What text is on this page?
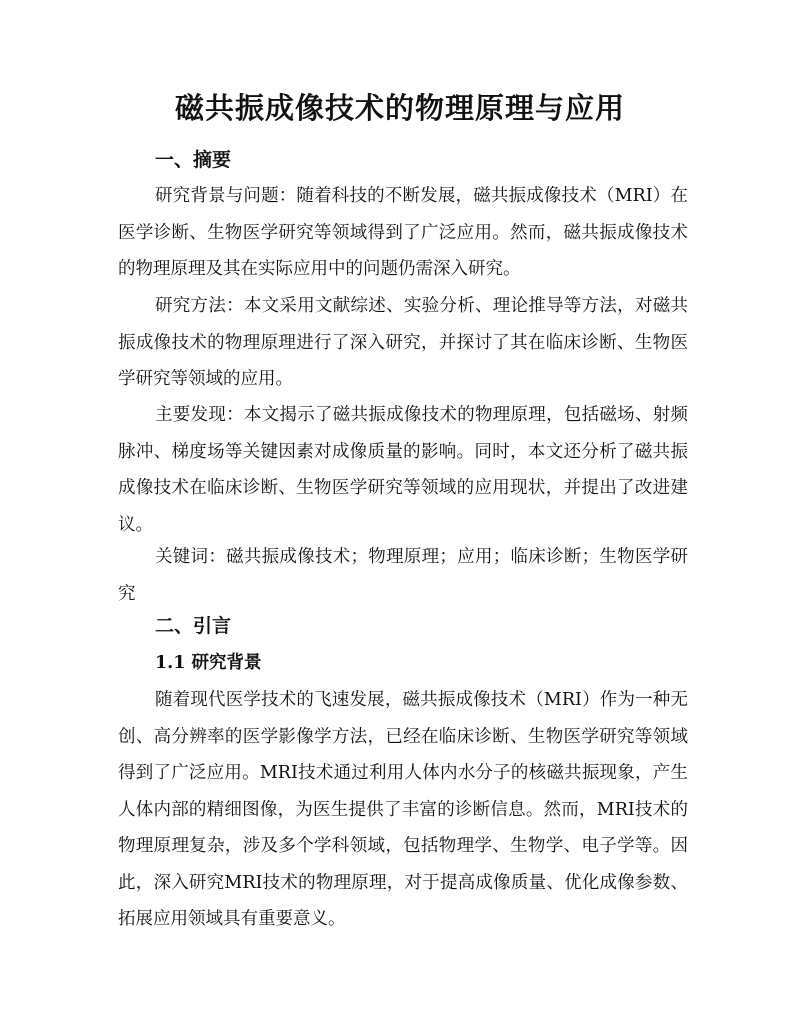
磁共振成像技术的物理原理与应用
一、摘要

研究背景与问题：随着科技的不断发展，磁共振成像技术（MRI）在医学诊断、生物医学研究等领域得到了广泛应用。然而，磁共振成像技术的物理原理及其在实际应用中的问题仍需深入研究。

研究方法：本文采用文献综述、实验分析、理论推导等方法，对磁共振成像技术的物理原理进行了深入研究，并探讨了其在临床诊断、生物医学研究等领域的应用。

主要发现：本文揭示了磁共振成像技术的物理原理，包括磁场、射频脉冲、梯度场等关键因素对成像质量的影响。同时，本文还分析了磁共振成像技术在临床诊断、生物医学研究等领域的应用现状，并提出了改进建议。

关键词：磁共振成像技术；物理原理；应用；临床诊断；生物医学研究

二、引言
1.1 研究背景

随着现代医学技术的飞速发展，磁共振成像技术（MRI）作为一种无创、高分辨率的医学影像学方法，已经在临床诊断、生物医学研究等领域得到了广泛应用。MRI技术通过利用人体内水分子的核磁共振现象，产生人体内部的精细图像，为医生提供了丰富的诊断信息。然而，MRI技术的物理原理复杂，涉及多个学科领域，包括物理学、生物学、电子学等。因此，深入研究MRI技术的物理原理，对于提高成像质量、优化成像参数、拓展应用领域具有重要意义。
